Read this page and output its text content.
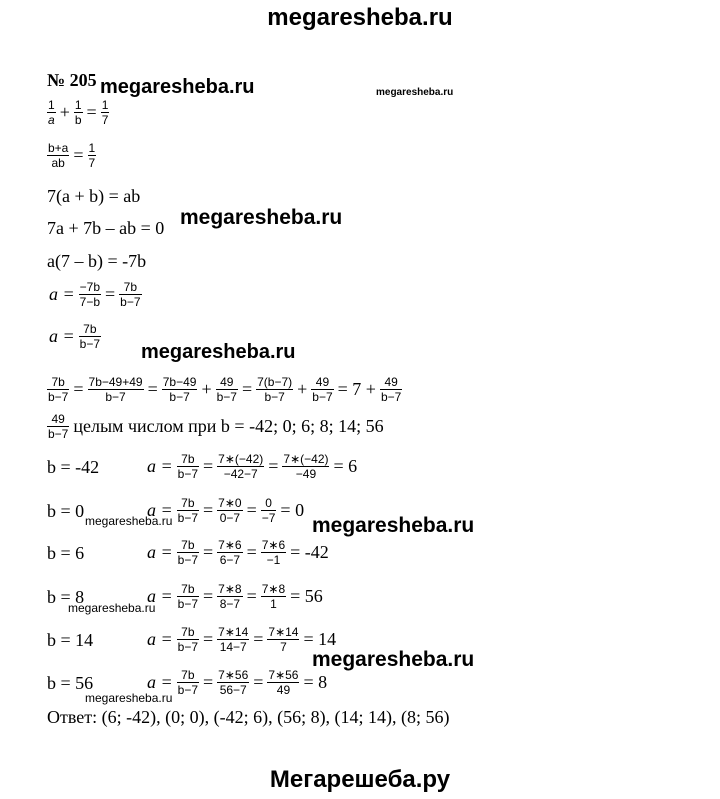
megaresheba.ru
№ 205 megaresheba.ru	megaresheba.ru
megaresheba.ru
megaresheba.ru
$\frac{1}{a} + \frac{1}{b} = \frac{1}{7}$
$\frac{b+a}{ab} = \frac{1}{7}$
7(a + b) = ab
7a + 7b – ab = 0
a(7 – b) = -7b
$a = \frac{-7b}{7-b} = \frac{7b}{b-7}$
$a = \frac{7b}{b-7}$
$\frac{7b}{b-7} = \frac{7b-49+49}{b-7} = \frac{7b-49}{b-7} + \frac{49}{b-7} = \frac{7(b-7)}{b-7} + \frac{49}{b-7} = 7 + \frac{49}{b-7}$
$\frac{49}{b-7}$ целым числом при b = -42; 0; 6; 8; 14; 56
b = -42	$a = \frac{7b}{b-7} = \frac{7∗(-42)}{-42-7} = \frac{7∗(-42)}{-49} = 6$
b = 0	$a = \frac{7b}{b-7} = \frac{7∗0}{0-7} = \frac{0}{-7} = 0$
b = 6	$a = \frac{7b}{b-7} = \frac{7∗6}{6-7} = \frac{7∗6}{-1} = -42$
b = 8	$a = \frac{7b}{b-7} = \frac{7∗8}{8-7} = \frac{7∗8}{1} = 56$
b = 14	$a = \frac{7b}{b-7} = \frac{7∗14}{14-7} = \frac{7∗14}{7} = 14$
b = 56	$a = \frac{7b}{b-7} = \frac{7∗56}{56-7} = \frac{7∗56}{49} = 8$
megaresheba.ru
megaresheba.ru
megaresheba.ru
megaresheba.ru
megaresheba.ru
Ответ: (6; -42), (0; 0), (-42; 6), (56; 8), (14; 14), (8; 56)
Мегарешеба.ру
